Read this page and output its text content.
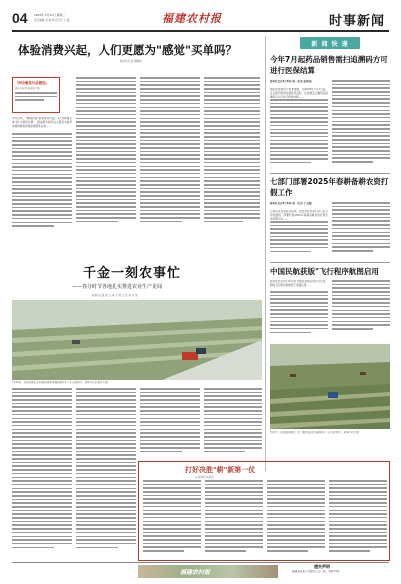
04 2025年 3月11日 星期二
责任编辑 张 敏 版式设计 王 磊	福建农村报	时事新闻
体验消费兴起，人们更愿为"感觉"买单吗？
新华社记者 胡婧如
「两会聚焦作品精选」
更多内容见 新闻客户端
今年以来，"情绪价值"消费持续升温。从"为情绪买单"到"为感觉付费"，越来越多的年轻人愿意为能带来愉悦体验的商品和服务买单……
新 闻 快 递
今年7月起药品销售需扫追溯码方可进行医保结算
新华社北京3月10日电（记者 彭韵佳）
国家医保局近日发布通知，自2025年7月1日起，定点医药机构在销售药品时，应按规定扫描药品追溯码后方可进行医保结算……
七部门部署2025年春耕备耕农资打假工作
新华社北京3月10日电（记者 于文静）
记者从农业农村部获悉，农业农村部等七部门近日印发通知，部署开展2025年春耕备耕农资打假专项治理行动……
中国民航获版"飞行程序航图启用
新华社北京3月10日电 中国民用航空局近日宣布，新版飞行程序航图将于近期启用……
3月7日，在某地的田间，农户驾驶农机进行播种作业（无人机照片）。新华社记者 摄
千金一刻农事忙
——春分时节各地扎实推进农业生产见闻
新华社记者 张 飞 李 飞 郭 江 杜 林 马 清
3月10日，农民在黑龙江省某县的田间开展春耕作业（无人机照片）。新华社记者 谢剑飞 摄
打好决胜"耕"新第一仗
◎ 新华社评论员
福建农村报
遗失声明
福建省某某公司遗失公章一枚，特此声明。
